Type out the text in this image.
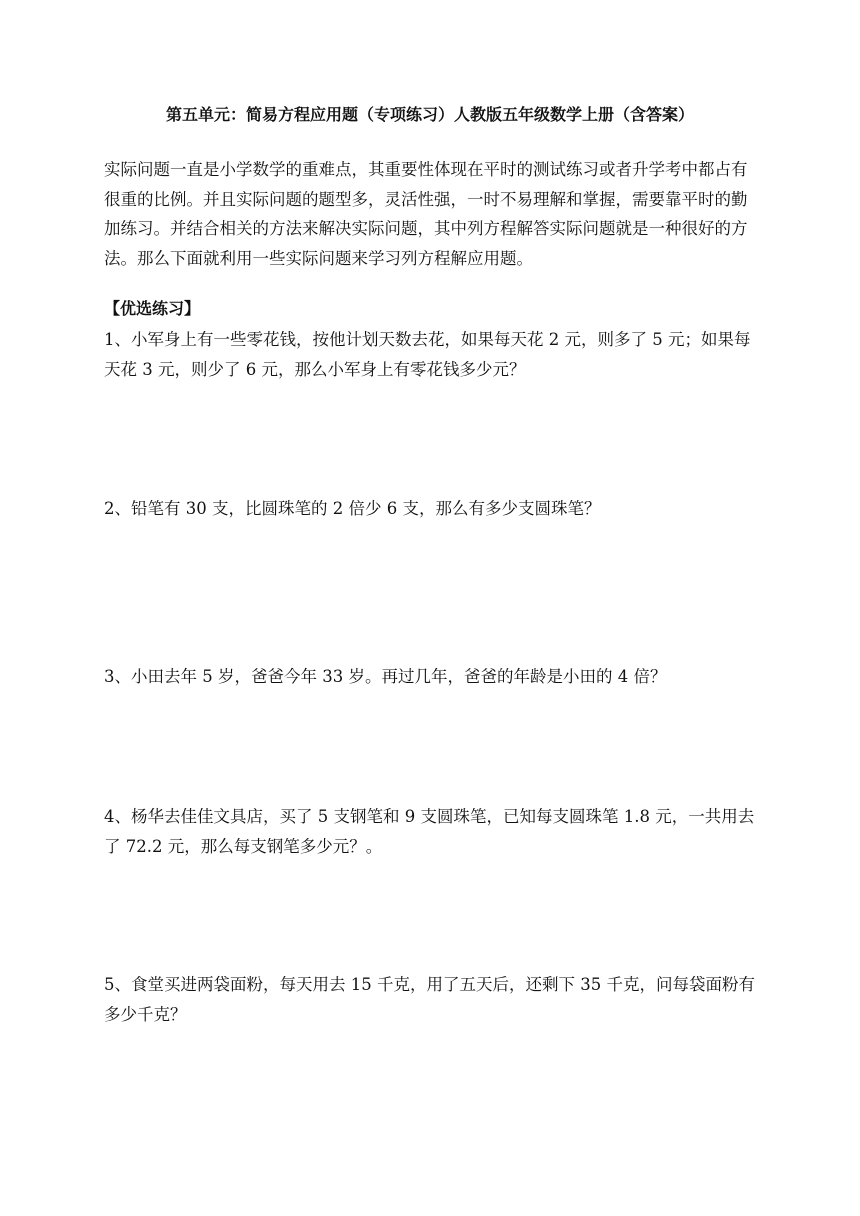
第五单元：简易方程应用题（专项练习）人教版五年级数学上册（含答案）
实际问题一直是小学数学的重难点，其重要性体现在平时的测试练习或者升学考中都占有很重的比例。并且实际问题的题型多，灵活性强，一时不易理解和掌握，需要靠平时的勤加练习。并结合相关的方法来解决实际问题，其中列方程解答实际问题就是一种很好的方法。那么下面就利用一些实际问题来学习列方程解应用题。
【优选练习】
1、小军身上有一些零花钱，按他计划天数去花，如果每天花 2 元，则多了 5 元；如果每天花 3 元，则少了 6 元，那么小军身上有零花钱多少元？
2、铅笔有 30 支，比圆珠笔的 2 倍少 6 支，那么有多少支圆珠笔？
3、小田去年 5 岁，爸爸今年 33 岁。再过几年，爸爸的年龄是小田的 4 倍？
4、杨华去佳佳文具店，买了 5 支钢笔和 9 支圆珠笔，已知每支圆珠笔 1.8 元，一共用去了 72.2 元，那么每支钢笔多少元？。
5、食堂买进两袋面粉，每天用去 15 千克，用了五天后，还剩下 35 千克，问每袋面粉有多少千克？
